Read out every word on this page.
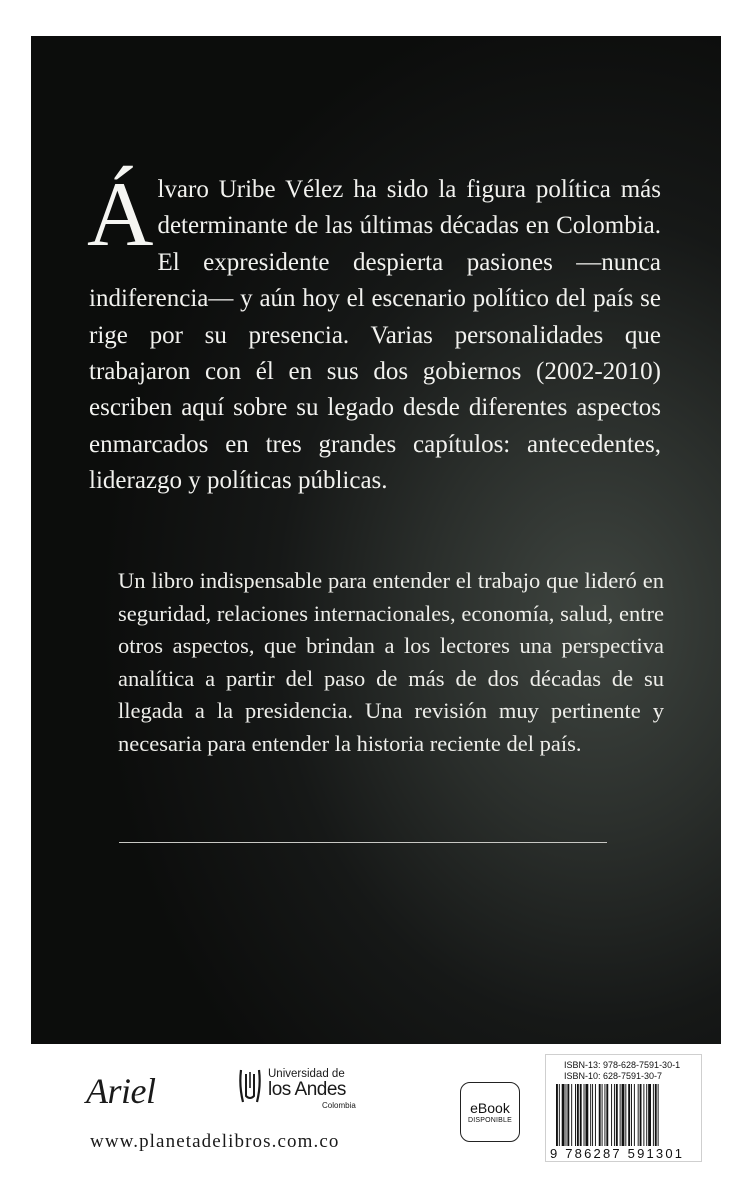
Álvaro Uribe Vélez ha sido la figura política más determinante de las últimas décadas en Colombia. El expresidente despierta pasiones —nunca indiferencia— y aún hoy el escenario político del país se rige por su presencia. Varias personalidades que trabajaron con él en sus dos gobiernos (2002-2010) escriben aquí sobre su legado desde diferentes aspectos enmarcados en tres grandes capítulos: antecedentes, liderazgo y políticas públicas.

Un libro indispensable para entender el trabajo que lideró en seguridad, relaciones internacionales, economía, salud, entre otros aspectos, que brindan a los lectores una perspectiva analítica a partir del paso de más de dos décadas de su llegada a la presidencia. Una revisión muy pertinente y necesaria para entender la historia reciente del país.

Ariel	Universidad de
los Andes
Colombia
www.planetadelibros.com.co
eBook
DISPONIBLE
ISBN-13: 978-628-7591-30-1
ISBN-10: 628-7591-30-7
9 786287 591301
